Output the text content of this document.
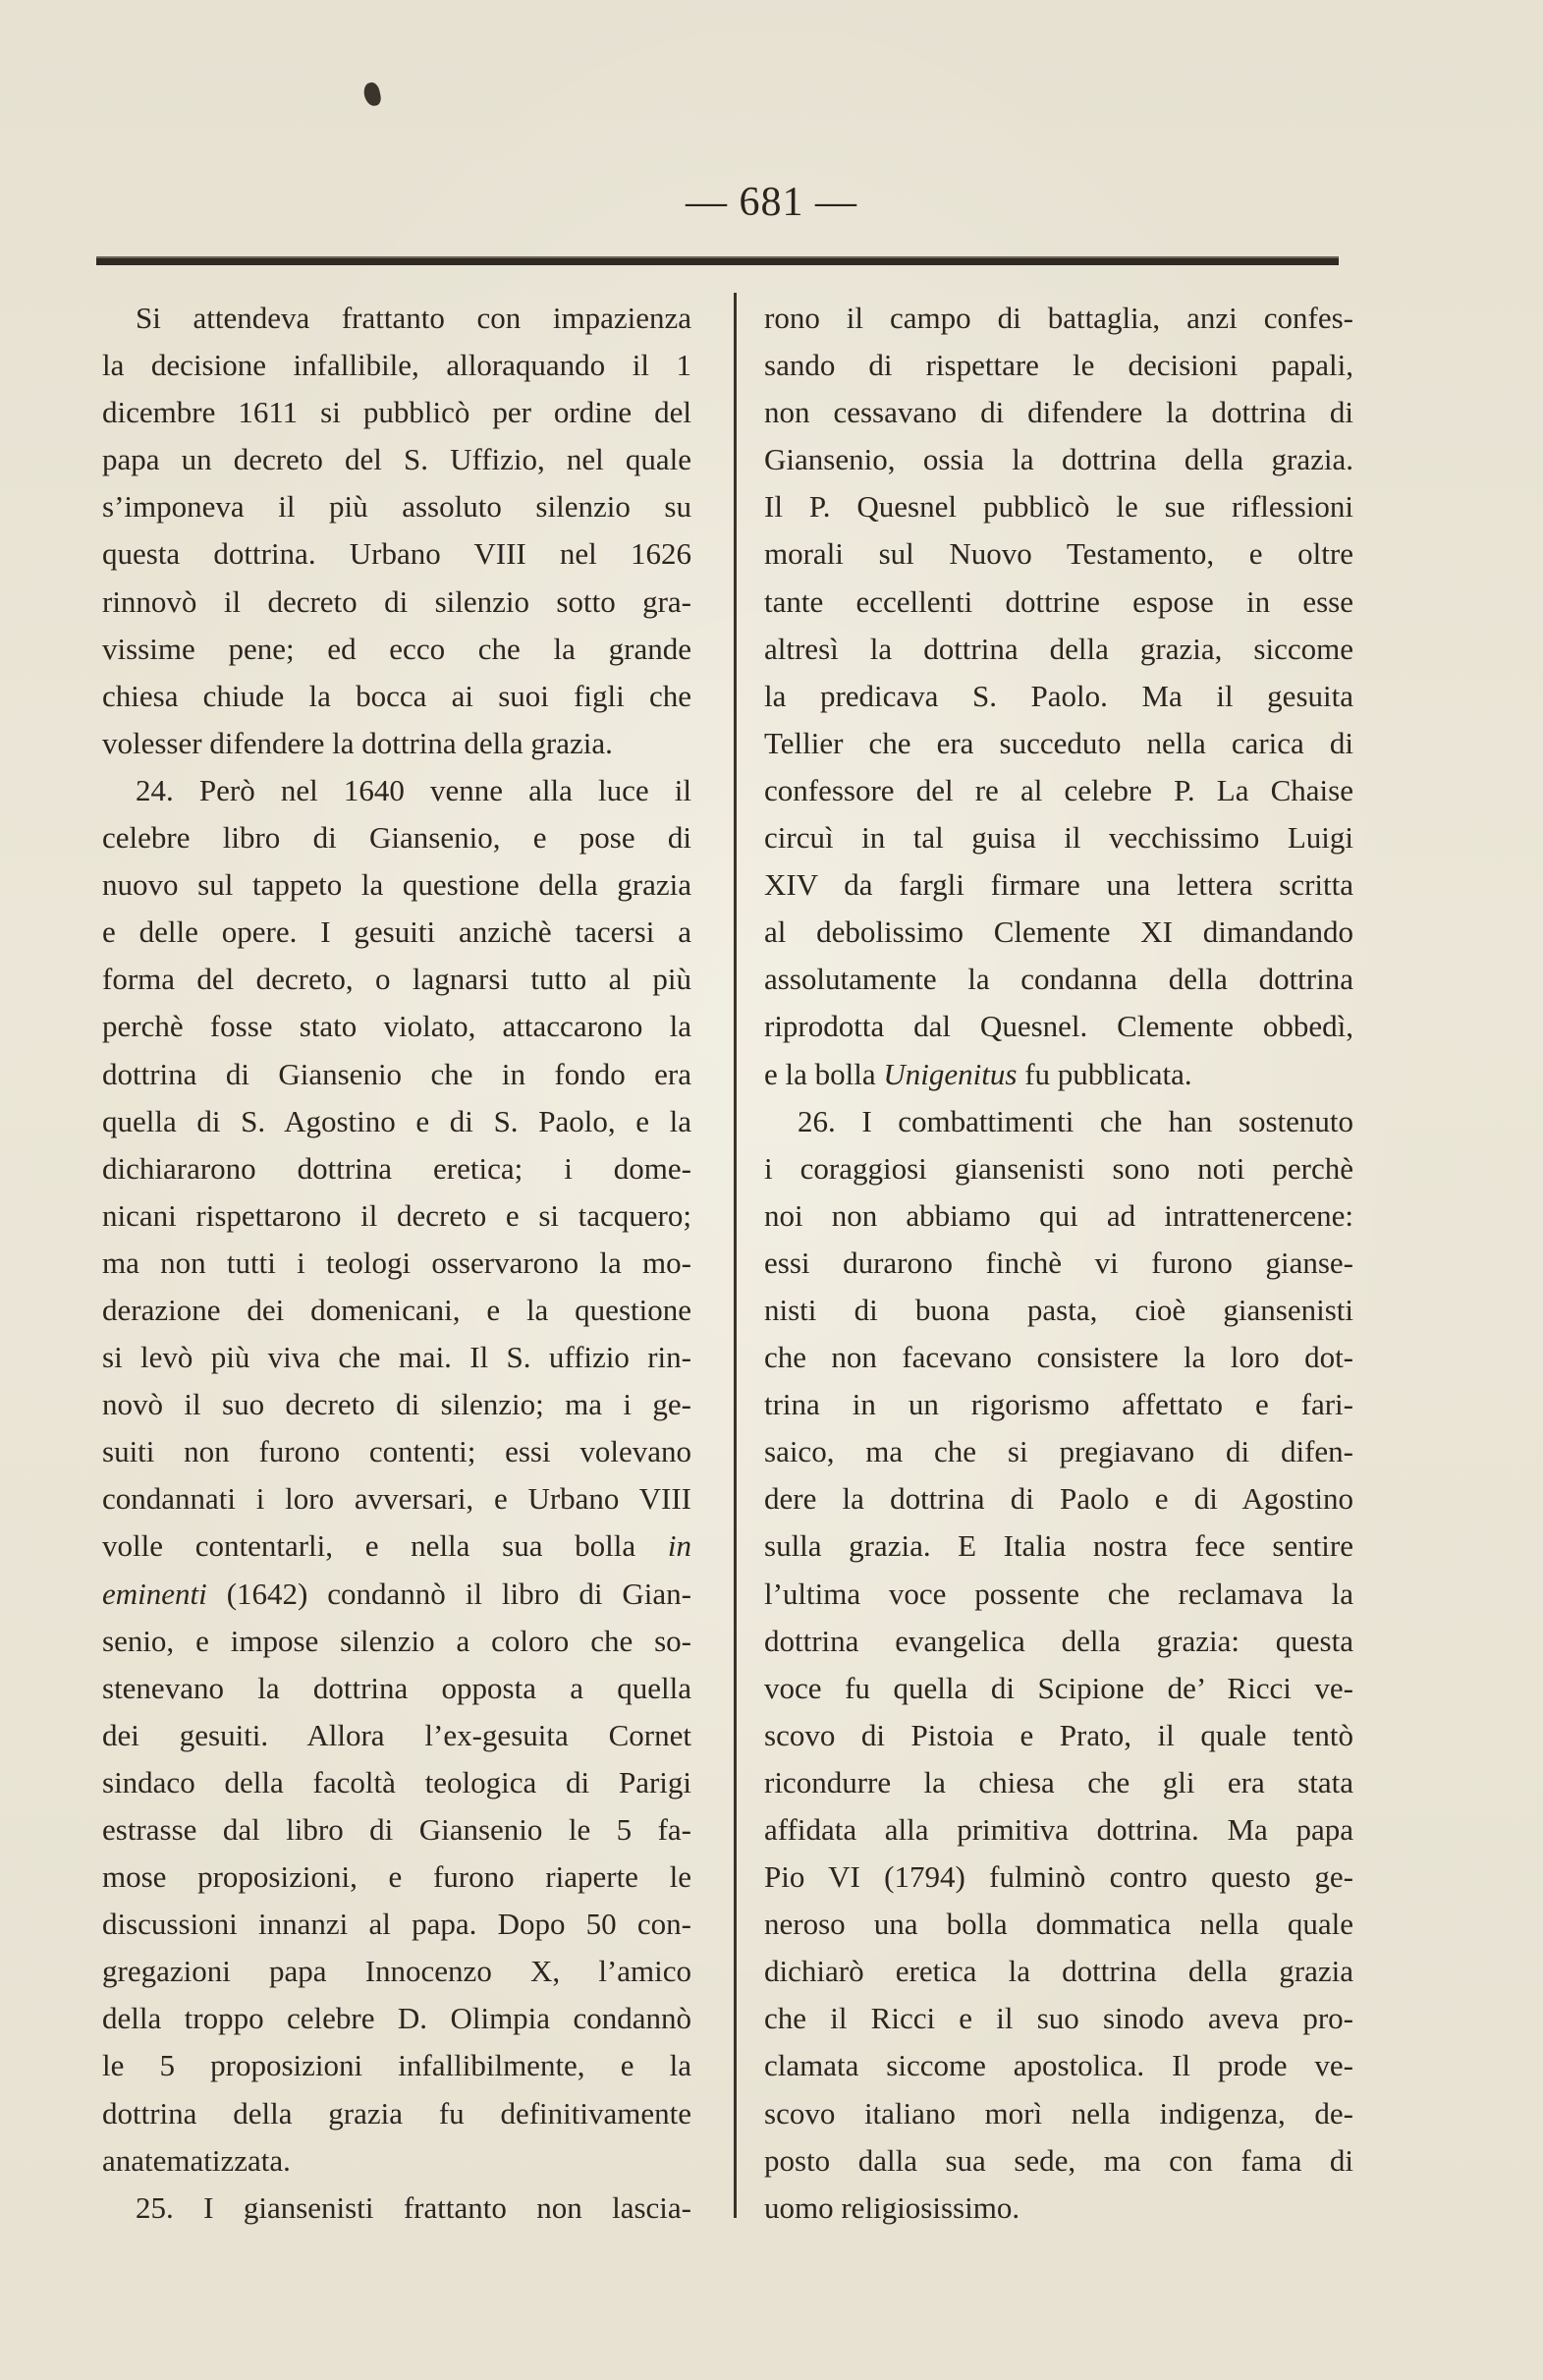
— 681 —
Si attendeva frattanto con impazienza
la decisione infallibile, alloraquando il 1
dicembre 1611 si pubblicò per ordine del
papa un decreto del S. Uffizio, nel quale
s’imponeva il più assoluto silenzio su
questa dottrina. Urbano VIII nel 1626
rinnovò il decreto di silenzio sotto gra-
vissime pene; ed ecco che la grande
chiesa chiude la bocca ai suoi figli che
volesser difendere la dottrina della grazia.
24. Però nel 1640 venne alla luce il
celebre libro di Giansenio, e pose di
nuovo sul tappeto la questione della grazia
e delle opere. I gesuiti anzichè tacersi a
forma del decreto, o lagnarsi tutto al più
perchè fosse stato violato, attaccarono la
dottrina di Giansenio che in fondo era
quella di S. Agostino e di S. Paolo, e la
dichiararono dottrina eretica; i dome-
nicani rispettarono il decreto e si tacquero;
ma non tutti i teologi osservarono la mo-
derazione dei domenicani, e la questione
si levò più viva che mai. Il S. uffizio rin-
novò il suo decreto di silenzio; ma i ge-
suiti non furono contenti; essi volevano
condannati i loro avversari, e Urbano VIII
volle contentarli, e nella sua bolla in
eminenti (1642) condannò il libro di Gian-
senio, e impose silenzio a coloro che so-
stenevano la dottrina opposta a quella
dei gesuiti. Allora l’ex-gesuita Cornet
sindaco della facoltà teologica di Parigi
estrasse dal libro di Giansenio le 5 fa-
mose proposizioni, e furono riaperte le
discussioni innanzi al papa. Dopo 50 con-
gregazioni papa Innocenzo X, l’amico
della troppo celebre D. Olimpia condannò
le 5 proposizioni infallibilmente, e la
dottrina della grazia fu definitivamente
anatematizzata.
25. I giansenisti frattanto non lascia-
rono il campo di battaglia, anzi confes-
sando di rispettare le decisioni papali,
non cessavano di difendere la dottrina di
Giansenio, ossia la dottrina della grazia.
Il P. Quesnel pubblicò le sue riflessioni
morali sul Nuovo Testamento, e oltre
tante eccellenti dottrine espose in esse
altresì la dottrina della grazia, siccome
la predicava S. Paolo. Ma il gesuita
Tellier che era succeduto nella carica di
confessore del re al celebre P. La Chaise
circuì in tal guisa il vecchissimo Luigi
XIV da fargli firmare una lettera scritta
al debolissimo Clemente XI dimandando
assolutamente la condanna della dottrina
riprodotta dal Quesnel. Clemente obbedì,
e la bolla Unigenitus fu pubblicata.
26. I combattimenti che han sostenuto
i coraggiosi giansenisti sono noti perchè
noi non abbiamo qui ad intrattenercene:
essi durarono finchè vi furono gianse-
nisti di buona pasta, cioè giansenisti
che non facevano consistere la loro dot-
trina in un rigorismo affettato e fari-
saico, ma che si pregiavano di difen-
dere la dottrina di Paolo e di Agostino
sulla grazia. E Italia nostra fece sentire
l’ultima voce possente che reclamava la
dottrina evangelica della grazia: questa
voce fu quella di Scipione de’ Ricci ve-
scovo di Pistoia e Prato, il quale tentò
ricondurre la chiesa che gli era stata
affidata alla primitiva dottrina. Ma papa
Pio VI (1794) fulminò contro questo ge-
neroso una bolla dommatica nella quale
dichiarò eretica la dottrina della grazia
che il Ricci e il suo sinodo aveva pro-
clamata siccome apostolica. Il prode ve-
scovo italiano morì nella indigenza, de-
posto dalla sua sede, ma con fama di
uomo religiosissimo.
